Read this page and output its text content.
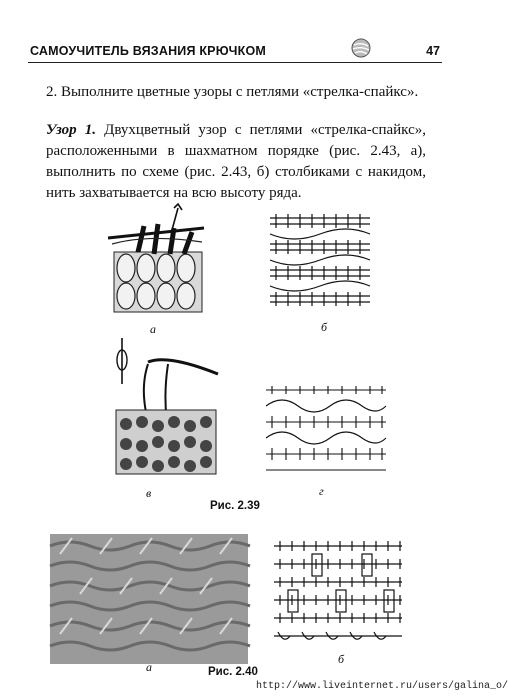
САМОУЧИТЕЛЬ ВЯЗАНИЯ КРЮЧКОМ	47
2. Выполните цветные узоры с петлями «стрелка-спайкс».
Узор 1. Двухцветный узор с петлями «стрелка-спайкс», расположенными в шахматном порядке (рис. 2.43, а), выполнить по схеме (рис. 2.43, б) столбиками с накидом, нить захватывается на всю высоту ряда.
а	б
в	г
Рис. 2.39
а
б
Рис. 2.40
http://www.liveinternet.ru/users/galina_o/
